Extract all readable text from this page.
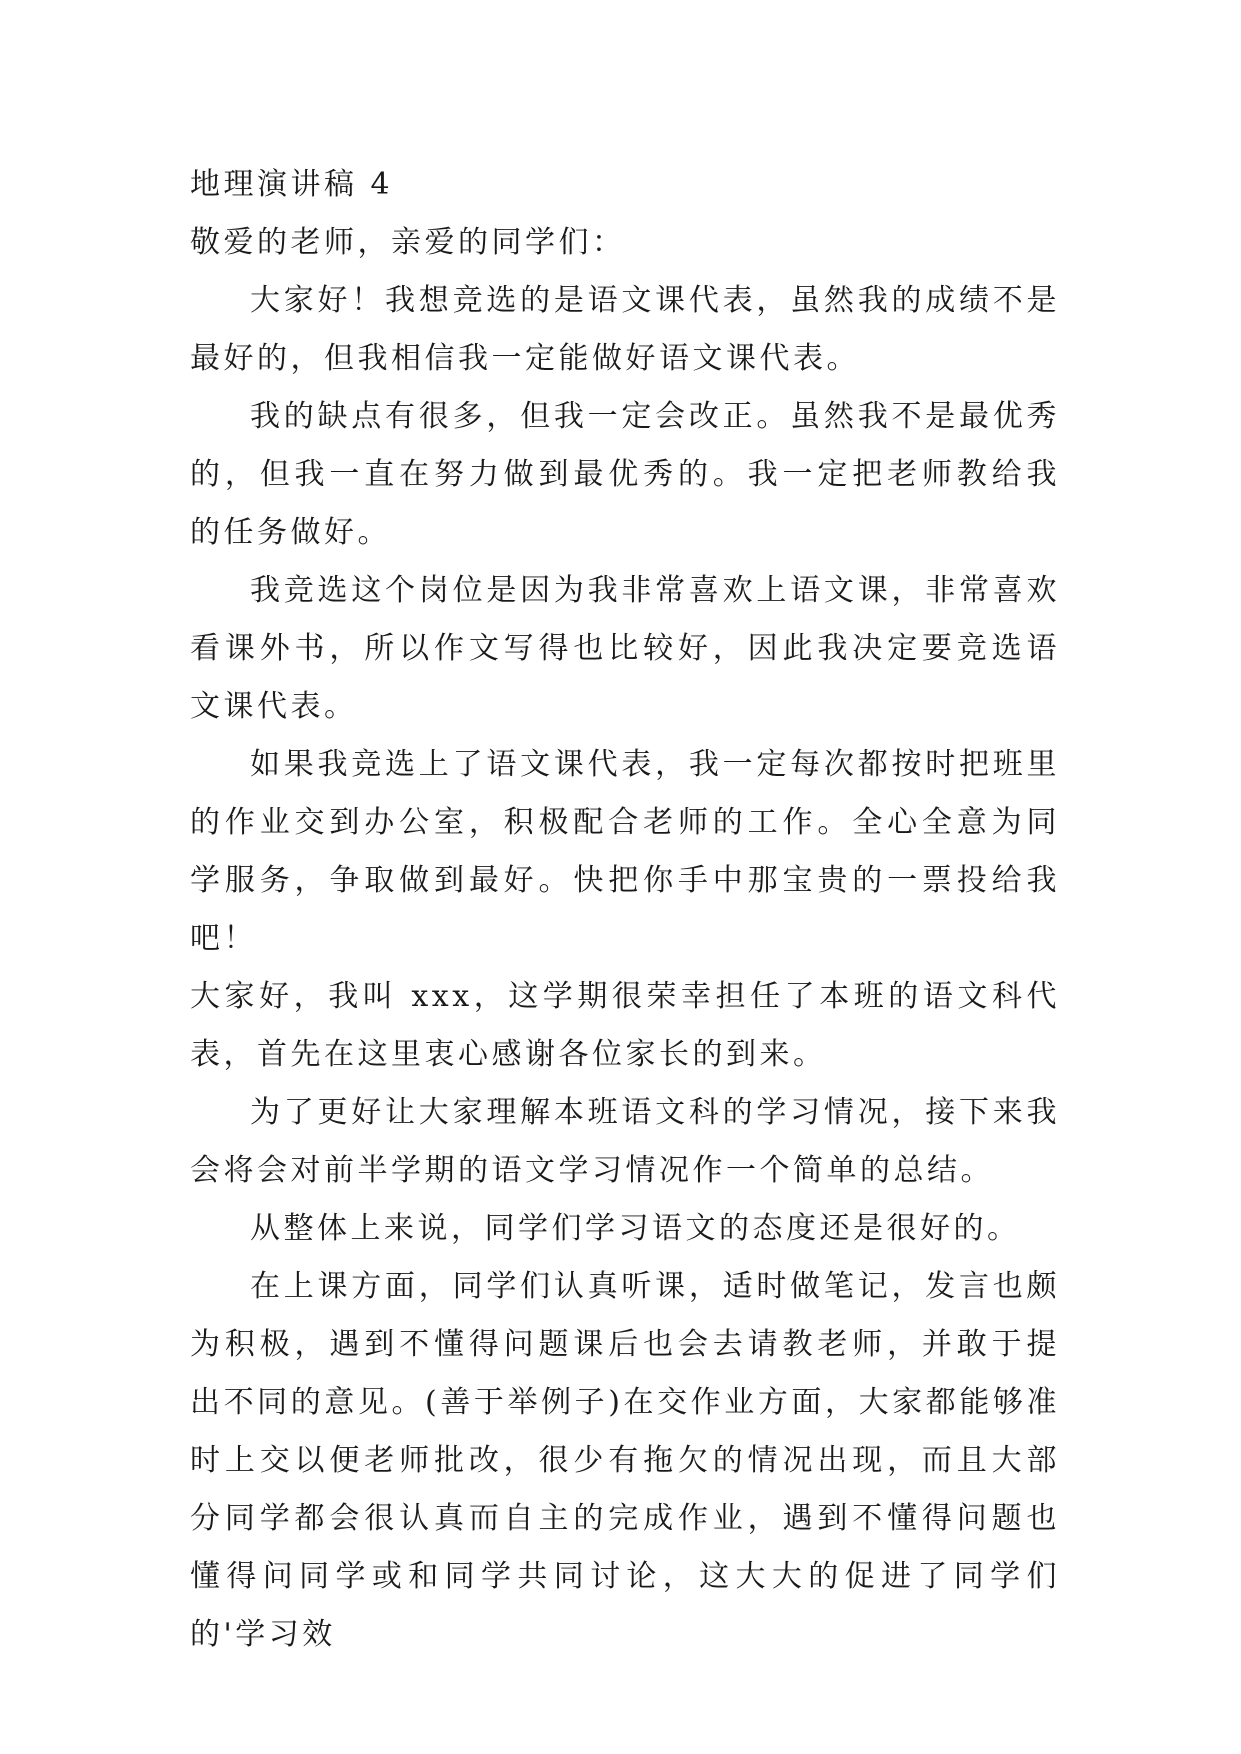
地理演讲稿 4

敬爱的老师，亲爱的同学们：

大家好！我想竞选的是语文课代表，虽然我的成绩不是最好的，但我相信我一定能做好语文课代表。

我的缺点有很多，但我一定会改正。虽然我不是最优秀的，但我一直在努力做到最优秀的。我一定把老师教给我的任务做好。

我竞选这个岗位是因为我非常喜欢上语文课，非常喜欢看课外书，所以作文写得也比较好，因此我决定要竞选语文课代表。

如果我竞选上了语文课代表，我一定每次都按时把班里的作业交到办公室，积极配合老师的工作。全心全意为同学服务，争取做到最好。快把你手中那宝贵的一票投给我吧！

大家好，我叫 xxx，这学期很荣幸担任了本班的语文科代表，首先在这里衷心感谢各位家长的到来。

为了更好让大家理解本班语文科的学习情况，接下来我会将会对前半学期的语文学习情况作一个简单的总结。

从整体上来说，同学们学习语文的态度还是很好的。

在上课方面，同学们认真听课，适时做笔记，发言也颇为积极，遇到不懂得问题课后也会去请教老师，并敢于提出不同的意见。(善于举例子)在交作业方面，大家都能够准时上交以便老师批改，很少有拖欠的情况出现，而且大部分同学都会很认真而自主的完成作业，遇到不懂得问题也懂得问同学或和同学共同讨论，这大大的促进了同学们的'学习效
